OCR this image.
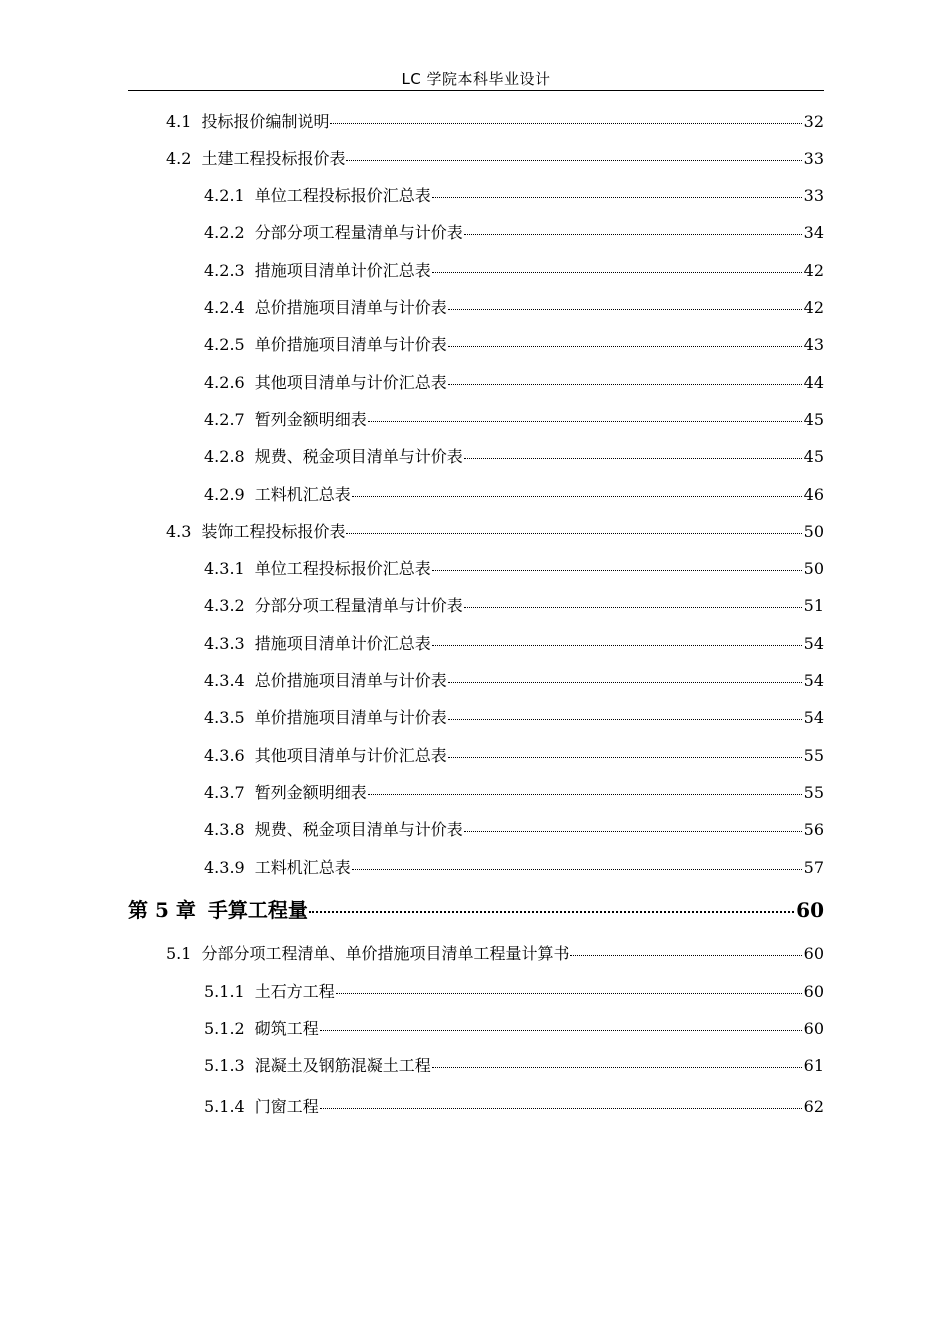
LC 学院本科毕业设计
4.1 投标报价编制说明	32
4.2 土建工程投标报价表	33
4.2.1 单位工程投标报价汇总表	33
4.2.2 分部分项工程量清单与计价表	34
4.2.3 措施项目清单计价汇总表	42
4.2.4 总价措施项目清单与计价表	42
4.2.5 单价措施项目清单与计价表	43
4.2.6 其他项目清单与计价汇总表	44
4.2.7 暂列金额明细表	45
4.2.8 规费、税金项目清单与计价表	45
4.2.9 工料机汇总表	46
4.3 装饰工程投标报价表	50
4.3.1 单位工程投标报价汇总表	50
4.3.2 分部分项工程量清单与计价表	51
4.3.3 措施项目清单计价汇总表	54
4.3.4 总价措施项目清单与计价表	54
4.3.5 单价措施项目清单与计价表	54
4.3.6 其他项目清单与计价汇总表	55
4.3.7 暂列金额明细表	55
4.3.8 规费、税金项目清单与计价表	56
4.3.9 工料机汇总表	57
第 5 章 手算工程量	60
5.1 分部分项工程清单、单价措施项目清单工程量计算书	60
5.1.1 土石方工程	60
5.1.2 砌筑工程	60
5.1.3 混凝土及钢筋混凝土工程	61
5.1.4 门窗工程	62
